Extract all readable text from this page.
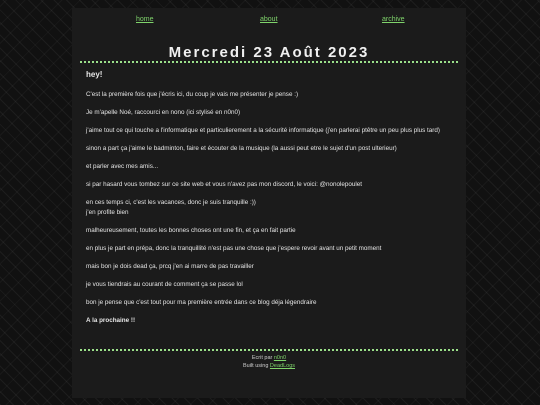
home	about	archive
Mercredi 23 Août 2023
hey!

C'est la première fois que j'écris ici, du coup je vais me présenter je pense :)

Je m'apelle Noé, raccourci en nono (ici stylisé en n0n0)

j'aime tout ce qui touche a l'informatique et particulierement a la sécurité informatique (j'en parlerai ptêtre un peu plus plus tard)

sinon a part ça j'aime le badminton, faire et écouter de la musique (la aussi peut etre le sujet d'un post ulterieur)

et parler avec mes amis...

si par hasard vous tombez sur ce site web et vous n'avez pas mon discord, le voici: @nonolepoulet

en ces temps ci, c'est les vacances, donc je suis tranquille :))

j'en profite bien

malheureusement, toutes les bonnes choses ont une fin, et ça en fait partie

en plus je part en prépa, donc la tranquillité n'est pas une chose que j'espere revoir avant un petit moment

mais bon je dois dead ça, prcq j'en ai marre de pas travailler

je vous tiendrais au courant de comment ça se passe lol

bon je pense que c'est tout pour ma première entrée dans ce blog déja légendraire

A la prochaine !!

Ecrit par n0n0
Built using DeadLogs
